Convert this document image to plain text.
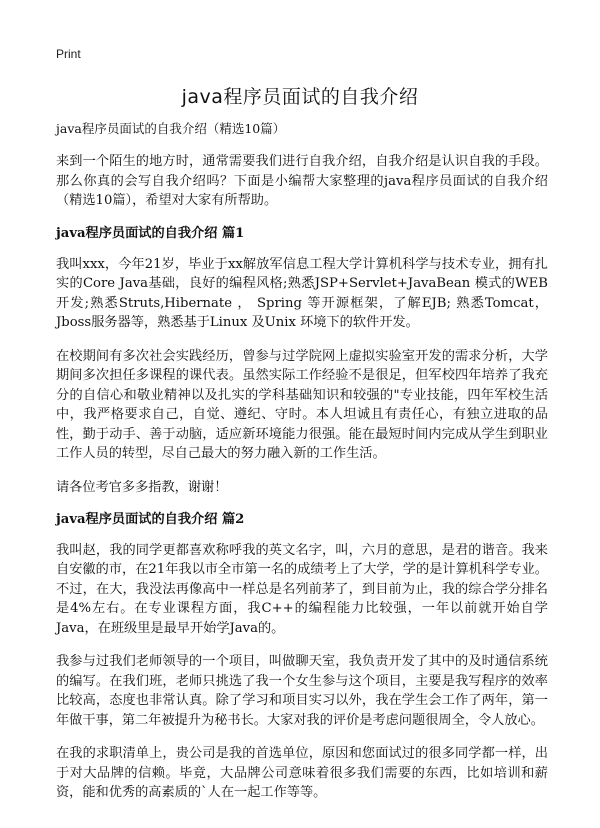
Print
java程序员面试的自我介绍
java程序员面试的自我介绍（精选10篇）

来到一个陌生的地方时，通常需要我们进行自我介绍，自我介绍是认识自我的手段。那么你真的会写自我介绍吗？下面是小编帮大家整理的java程序员面试的自我介绍（精选10篇），希望对大家有所帮助。

java程序员面试的自我介绍 篇1

我叫xxx，今年21岁，毕业于xx解放军信息工程大学计算机科学与技术专业，拥有扎实的Core Java基础，良好的编程风格;熟悉JSP+Servlet+JavaBean 模式的WEB开发;熟悉Struts,Hibernate ， Spring 等开源框架，了解EJB; 熟悉Tomcat，Jboss服务器等，熟悉基于Linux 及Unix 环境下的软件开发。

在校期间有多次社会实践经历，曾参与过学院网上虚拟实验室开发的需求分析，大学期间多次担任多课程的课代表。虽然实际工作经验不是很足，但军校四年培养了我充分的自信心和敬业精神以及扎实的学科基础知识和较强的"专业技能，四年军校生活中，我严格要求自己，自觉、遵纪、守时。本人坦诚且有责任心，有独立进取的品性，勤于动手、善于动脑，适应新环境能力很强。能在最短时间内完成从学生到职业工作人员的转型，尽自己最大的努力融入新的工作生活。

请各位考官多多指教，谢谢！

java程序员面试的自我介绍 篇2

我叫赵，我的同学更都喜欢称呼我的英文名字，叫，六月的意思，是君的谐音。我来自安徽的市，在21年我以市全市第一名的成绩考上了大学，学的是计算机科学专业。不过，在大，我没法再像高中一样总是名列前茅了，到目前为止，我的综合学分排名是4%左右。在专业课程方面，我C++的编程能力比较强，一年以前就开始自学Java，在班级里是最早开始学Java的。

我参与过我们老师领导的一个项目，叫做聊天室，我负责开发了其中的及时通信系统的编写。在我们班，老师只挑选了我一个女生参与这个项目，主要是我写程序的效率比较高，态度也非常认真。除了学习和项目实习以外，我在学生会工作了两年，第一年做干事，第二年被提升为秘书长。大家对我的评价是考虑问题很周全，令人放心。

在我的求职清单上，贵公司是我的首选单位，原因和您面试过的很多同学都一样，出于对大品牌的信赖。毕竟，大品牌公司意味着很多我们需要的东西，比如培训和薪资，能和优秀的高素质的`人在一起工作等等。
